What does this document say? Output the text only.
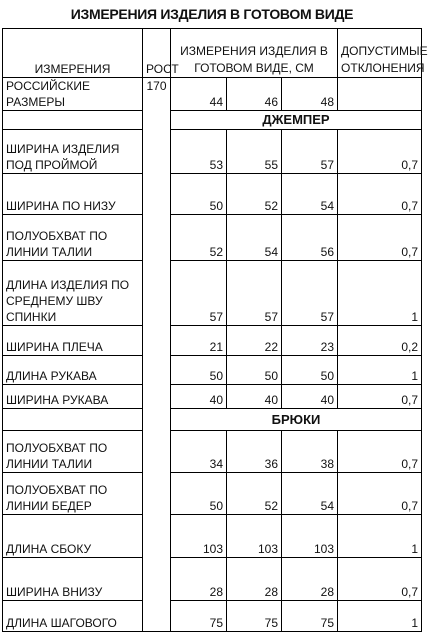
ИЗМЕРЕНИЯ ИЗДЕЛИЯ В ГОТОВОМ ВИДЕ
ИЗМЕРЕНИЯ	РОСТ	ИЗМЕРЕНИЯ ИЗДЕЛИЯ В ГОТОВОМ ВИДЕ, СМ			ДОПУСТИМЫЕ ОТКЛОНЕНИЯ
РОССИЙСКИЕ РАЗМЕРЫ	170	44	46	48	
		ДЖЕМПЕР			
ШИРИНА ИЗДЕЛИЯ ПОД ПРОЙМОЙ		53	55	57	0,7
ШИРИНА ПО НИЗУ		50	52	54	0,7
ПОЛУОБХВАТ ПО ЛИНИИ ТАЛИИ		52	54	56	0,7
ДЛИНА ИЗДЕЛИЯ ПО СРЕДНЕМУ ШВУ СПИНКИ		57	57	57	1
ШИРИНА ПЛЕЧА		21	22	23	0,2
ДЛИНА РУКАВА		50	50	50	1
ШИРИНА РУКАВА		40	40	40	0,7
		БРЮКИ			
ПОЛУОБХВАТ ПО ЛИНИИ ТАЛИИ		34	36	38	0,7
ПОЛУОБХВАТ ПО ЛИНИИ БЕДЕР		50	52	54	0,7
ДЛИНА СБОКУ		103	103	103	1
ШИРИНА ВНИЗУ		28	28	28	0,7
ДЛИНА ШАГОВОГО		75	75	75	1
